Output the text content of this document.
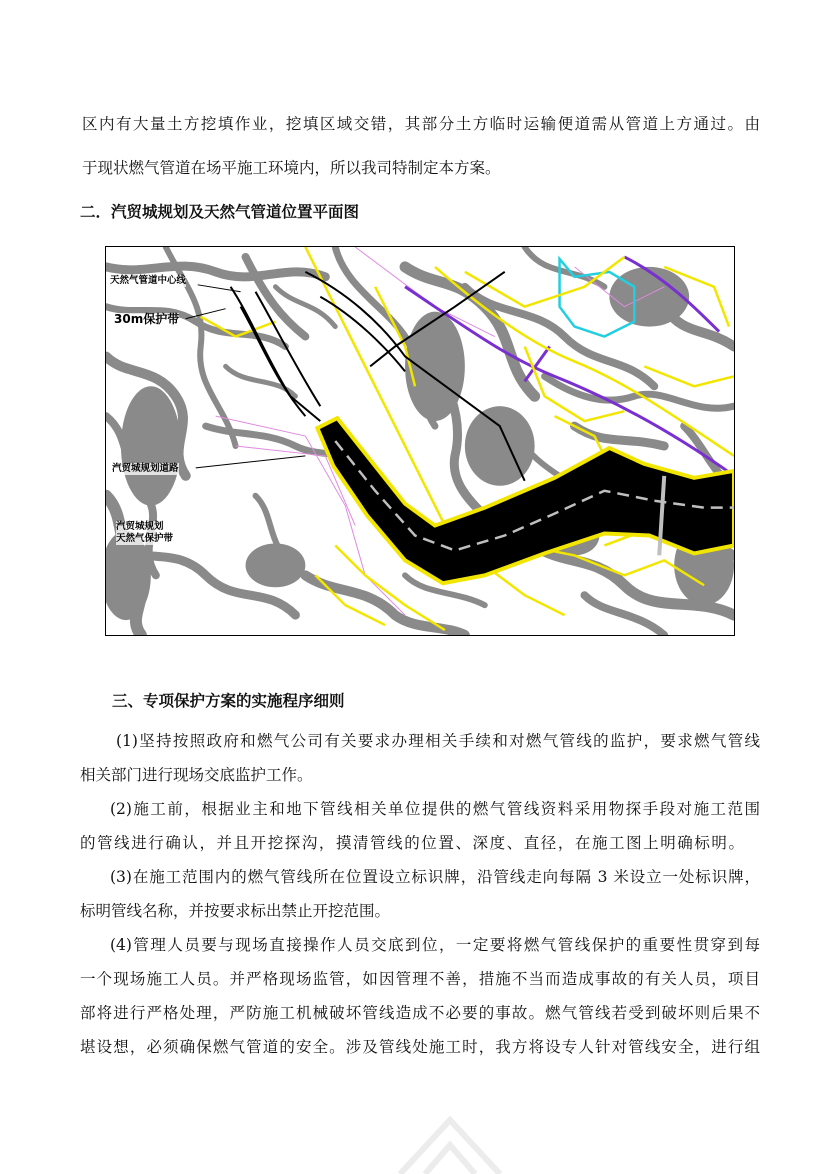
区内有大量土方挖填作业，挖填区域交错，其部分土方临时运输便道需从管道上方通过。由
于现状燃气管道在场平施工环境内，所以我司特制定本方案。
二．汽贸城规划及天然气管道位置平面图
天然气管道中心线
30m保护带
汽贸城规划道路
汽贸城规划
天然气保护带
三、专项保护方案的实施程序细则
(1)坚持按照政府和燃气公司有关要求办理相关手续和对燃气管线的监护，要求燃气管线
相关部门进行现场交底监护工作。
(2)施工前，根据业主和地下管线相关单位提供的燃气管线资料采用物探手段对施工范围
的管线进行确认，并且开挖探沟，摸清管线的位置、深度、直径，在施工图上明确标明。
(3)在施工范围内的燃气管线所在位置设立标识牌，沿管线走向每隔 3 米设立一处标识牌，
标明管线名称，并按要求标出禁止开挖范围。
(4)管理人员要与现场直接操作人员交底到位，一定要将燃气管线保护的重要性贯穿到每
一个现场施工人员。并严格现场监管，如因管理不善，措施不当而造成事故的有关人员，项目
部将进行严格处理，严防施工机械破坏管线造成不必要的事故。燃气管线若受到破坏则后果不
堪设想，必须确保燃气管道的安全。涉及管线处施工时，我方将设专人针对管线安全，进行组
